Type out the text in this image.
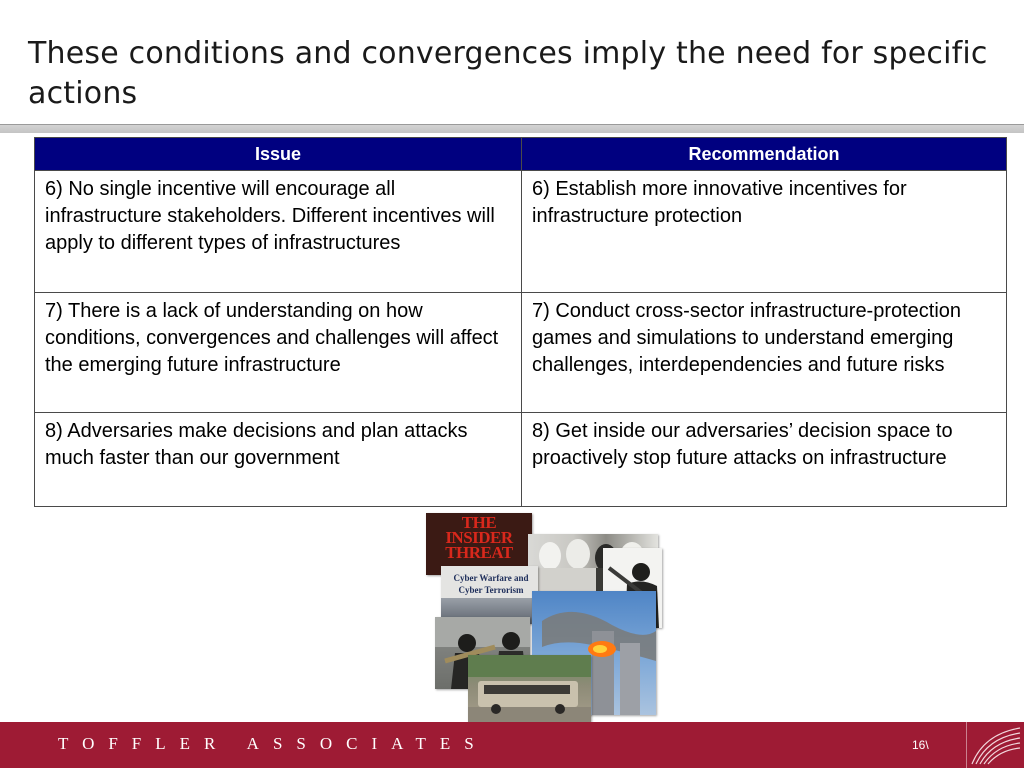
These conditions and convergences imply the need for specific actions
Issue	Recommendation
6) No single incentive will encourage all infrastructure stakeholders. Different incentives will apply to different types of infrastructures	6) Establish more innovative incentives for infrastructure protection
7) There is a lack of understanding on how conditions, convergences and challenges will affect the emerging future infrastructure	7) Conduct cross-sector infrastructure-protection games and simulations to understand emerging challenges, interdependencies and future risks
8) Adversaries make decisions and plan attacks much faster than our government	8) Get inside our adversaries’ decision space to proactively stop future attacks on infrastructure
THE
INSIDER
THREAT
Cyber Warfare and
Cyber Terrorism
TOFFLER ASSOCIATES	16\
